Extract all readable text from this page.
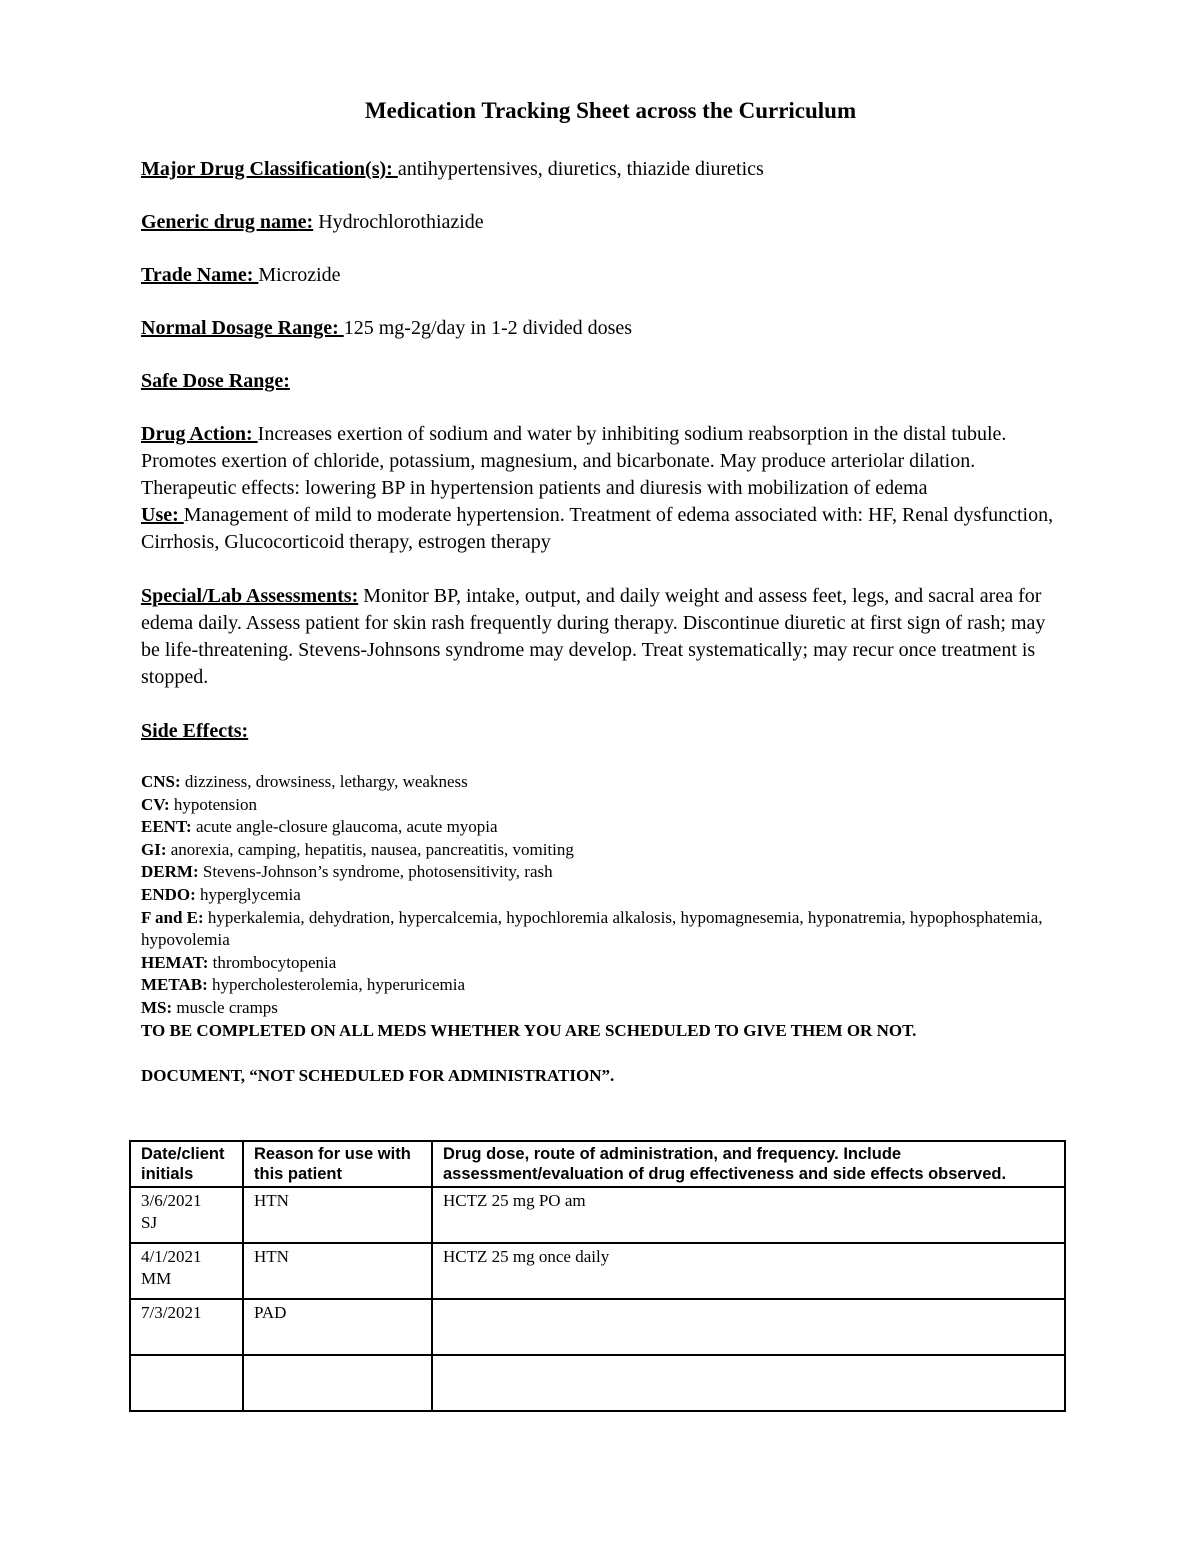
Medication Tracking Sheet across the Curriculum

Major Drug Classification(s): antihypertensives, diuretics, thiazide diuretics

Generic drug name: Hydrochlorothiazide

Trade Name: Microzide

Normal Dosage Range: 125 mg-2g/day in 1-2 divided doses

Safe Dose Range:

Drug Action: Increases exertion of sodium and water by inhibiting sodium reabsorption in the distal tubule. Promotes exertion of chloride, potassium, magnesium, and bicarbonate. May produce arteriolar dilation. Therapeutic effects: lowering BP in hypertension patients and diuresis with mobilization of edema

Use: Management of mild to moderate hypertension. Treatment of edema associated with: HF, Renal dysfunction, Cirrhosis, Glucocorticoid therapy, estrogen therapy

Special/Lab Assessments: Monitor BP, intake, output, and daily weight and assess feet, legs, and sacral area for edema daily. Assess patient for skin rash frequently during therapy. Discontinue diuretic at first sign of rash; may be life-threatening. Stevens-Johnsons syndrome may develop. Treat systematically; may recur once treatment is stopped.

Side Effects:

CNS: dizziness, drowsiness, lethargy, weakness

CV: hypotension

EENT: acute angle-closure glaucoma, acute myopia

GI: anorexia, camping, hepatitis, nausea, pancreatitis, vomiting

DERM: Stevens-Johnson’s syndrome, photosensitivity, rash

ENDO: hyperglycemia

F and E: hyperkalemia, dehydration, hypercalcemia, hypochloremia alkalosis, hypomagnesemia, hyponatremia, hypophosphatemia, hypovolemia

HEMAT: thrombocytopenia

METAB: hypercholesterolemia, hyperuricemia

MS: muscle cramps

TO BE COMPLETED ON ALL MEDS WHETHER YOU ARE SCHEDULED TO GIVE THEM OR NOT.

DOCUMENT, “NOT SCHEDULED FOR ADMINISTRATION”.

Date/client initials	Reason for use with this patient	Drug dose, route of administration, and frequency. Include assessment/evaluation of drug effectiveness and side effects observed.

3/6/2021
SJ	HTN	HCTZ 25 mg PO am

4/1/2021
MM	HTN	HCTZ 25 mg once daily

7/3/2021	PAD	
